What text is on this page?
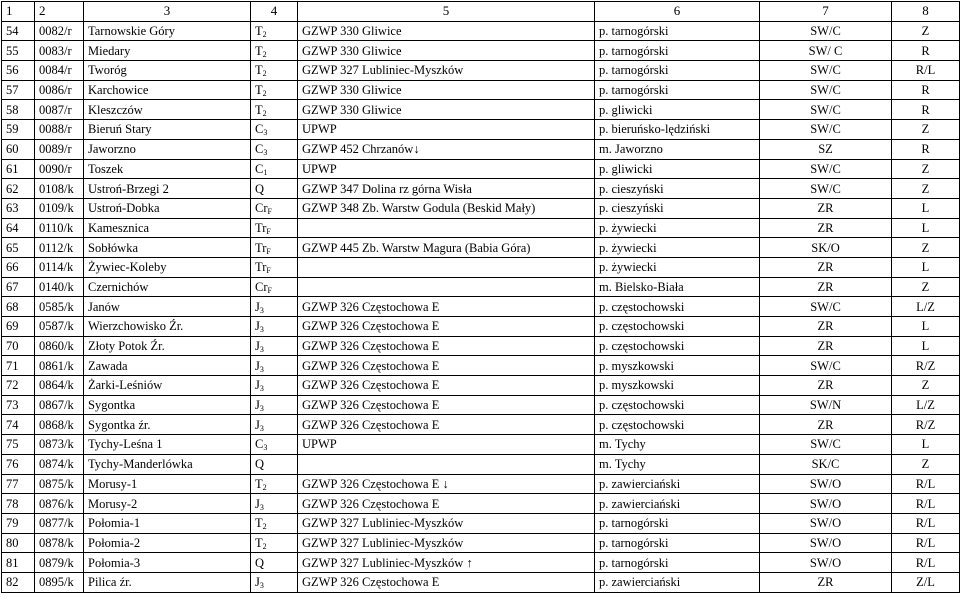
1	2	3	4	5	6	7	8
54	0082/r	Tarnowskie Góry	$T_2$	GZWP 330 Gliwice	p. tarnogórski	SW/C	Z
55	0083/r	Miedary	$T_2$	GZWP 330 Gliwice	p. tarnogórski	SW/ C	R
56	0084/r	Tworóg	$T_2$	GZWP 327 Lubliniec-Myszków	p. tarnogórski	SW/C	R/L
57	0086/r	Karchowice	$T_2$	GZWP 330 Gliwice	p. tarnogórski	SW/C	R
58	0087/r	Kleszczów	$T_2$	GZWP 330 Gliwice	p. gliwicki	SW/C	R
59	0088/r	Bieruń Stary	$C_3$	UPWP	p. bieruńsko-lędziński	SW/C	Z
60	0089/r	Jaworzno	$C_3$	GZWP 452 Chrzanów↓	m. Jaworzno	SZ	R
61	0090/r	Toszek	$C_1$	UPWP	p. gliwicki	SW/C	Z
62	0108/k	Ustroń-Brzegi 2	Q	GZWP 347 Dolina rz górna Wisła	p. cieszyński	SW/C	Z
63	0109/k	Ustroń-Dobka	$Cr_F$	GZWP 348 Zb. Warstw Godula (Beskid Mały)	p. cieszyński	ZR	L
64	0110/k	Kamesznica	$Tr_F$		p. żywiecki	ZR	L
65	0112/k	Sobłówka	$Tr_F$	GZWP 445 Zb. Warstw Magura (Babia Góra)	p. żywiecki	SK/O	Z
66	0114/k	Żywiec-Koleby	$Tr_F$		p. żywiecki	ZR	L
67	0140/k	Czernichów	$Cr_F$		m. Bielsko-Biała	ZR	Z
68	0585/k	Janów	$J_3$	GZWP 326 Częstochowa E	p. częstochowski	SW/C	L/Z
69	0587/k	Wierzchowisko Źr.	$J_3$	GZWP 326 Częstochowa E	p. częstochowski	ZR	L
70	0860/k	Złoty Potok Źr.	$J_3$	GZWP 326 Częstochowa E	p. częstochowski	ZR	L
71	0861/k	Zawada	$J_3$	GZWP 326 Częstochowa E	p. myszkowski	SW/C	R/Z
72	0864/k	Żarki-Leśniów	$J_3$	GZWP 326 Częstochowa E	p. myszkowski	ZR	Z
73	0867/k	Sygontka	$J_3$	GZWP 326 Częstochowa E	p. częstochowski	SW/N	L/Z
74	0868/k	Sygontka źr.	$J_3$	GZWP 326 Częstochowa E	p. częstochowski	ZR	R/Z
75	0873/k	Tychy-Leśna 1	$C_3$	UPWP	m. Tychy	SW/C	L
76	0874/k	Tychy-Manderlówka	Q		m. Tychy	SK/C	Z
77	0875/k	Morusy-1	$T_2$	GZWP 326 Częstochowa E ↓	p. zawierciański	SW/O	R/L
78	0876/k	Morusy-2	$J_3$	GZWP 326 Częstochowa E	p. zawierciański	SW/O	R/L
79	0877/k	Połomia-1	$T_2$	GZWP 327 Lubliniec-Myszków	p. tarnogórski	SW/O	R/L
80	0878/k	Połomia-2	$T_2$	GZWP 327 Lubliniec-Myszków	p. tarnogórski	SW/O	R/L
81	0879/k	Połomia-3	Q	GZWP 327 Lubliniec-Myszków ↑	p. tarnogórski	SW/O	R/L
82	0895/k	Pilica źr.	$J_3$	GZWP 326 Częstochowa E	p. zawierciański	ZR	Z/L
